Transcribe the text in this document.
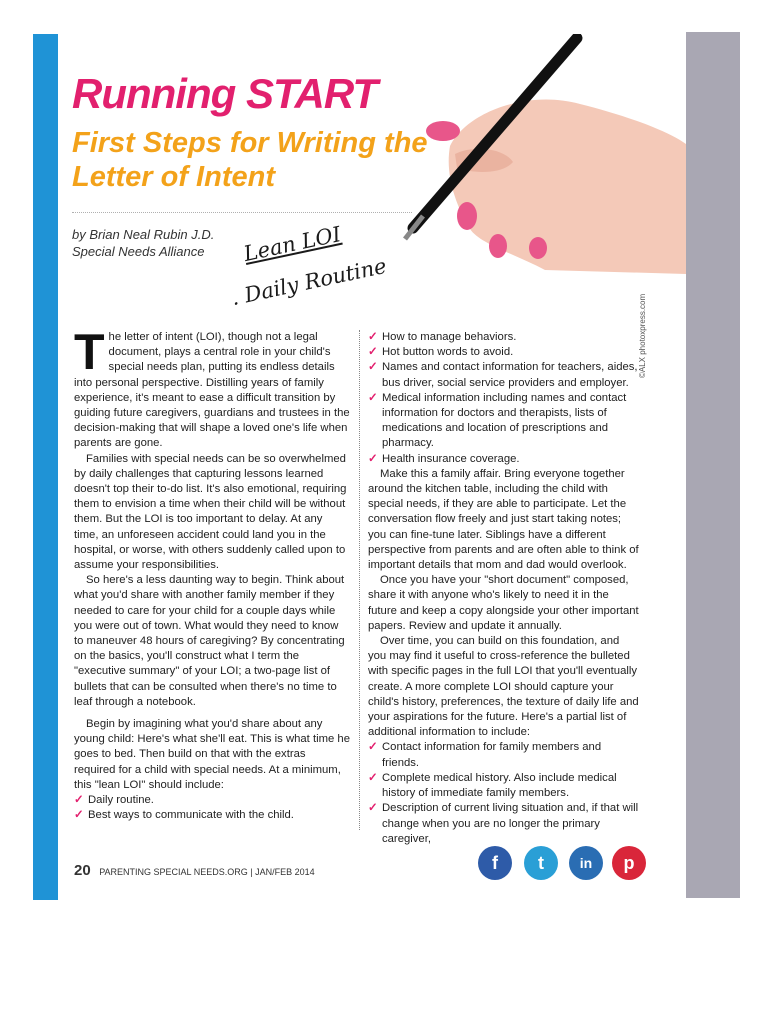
Running START
First Steps for Writing the Letter of Intent
by Brian Neal Rubin J.D.
Special Needs Alliance	Lean LOI
. Daily Routine
©ALX photoxpress.com

The letter of intent (LOI), though not a legal document, plays a central role in your child's special needs plan, putting its endless details into personal perspective. Distilling years of family experience, it's meant to ease a difficult transition by guiding future caregivers, guardians and trustees in the decision-making that will shape a loved one's life when parents are gone.

Families with special needs can be so overwhelmed by daily challenges that capturing lessons learned doesn't top their to-do list. It's also emotional, requiring them to envision a time when their child will be without them. But the LOI is too important to delay. At any time, an unforeseen accident could land you in the hospital, or worse, with others suddenly called upon to assume your responsibilities.

So here's a less daunting way to begin. Think about what you'd share with another family member if they needed to care for your child for a couple days while you were out of town. What would they need to know to maneuver 48 hours of caregiving? By concentrating on the basics, you'll construct what I term the "executive summary" of your LOI; a two-page list of bullets that can be consulted when there's no time to leaf through a notebook.

Begin by imagining what you'd share about any young child: Here's what she'll eat. This is what time he goes to bed. Then build on that with the extras required for a child with special needs. At a minimum, this "lean LOI" should include:

✓ Daily routine.

✓ Best ways to communicate with the child.

✓ How to manage behaviors.

✓ Hot button words to avoid.

✓ Names and contact information for teachers, aides, bus driver, social service providers and employer.

✓ Medical information including names and contact information for doctors and therapists, lists of medications and location of prescriptions and pharmacy.

✓ Health insurance coverage.

Make this a family affair. Bring everyone together around the kitchen table, including the child with special needs, if they are able to participate. Let the conversation flow freely and just start taking notes; you can fine-tune later. Siblings have a different perspective from parents and are often able to think of important details that mom and dad would overlook.

Once you have your "short document" composed, share it with anyone who's likely to need it in the future and keep a copy alongside your other important papers. Review and update it annually.

Over time, you can build on this foundation, and you may find it useful to cross-reference the bulleted with specific pages in the full LOI that you'll eventually create. A more complete LOI should capture your child's history, preferences, the texture of daily life and your aspirations for the future. Here's a partial list of additional information to include:

✓ Contact information for family members and friends.

✓ Complete medical history. Also include medical history of immediate family members.

✓ Description of current living situation and, if that will change when you are no longer the primary caregiver,

20 PARENTING SPECIAL NEEDS.ORG | JAN/FEB 2014	f	t	in	p
